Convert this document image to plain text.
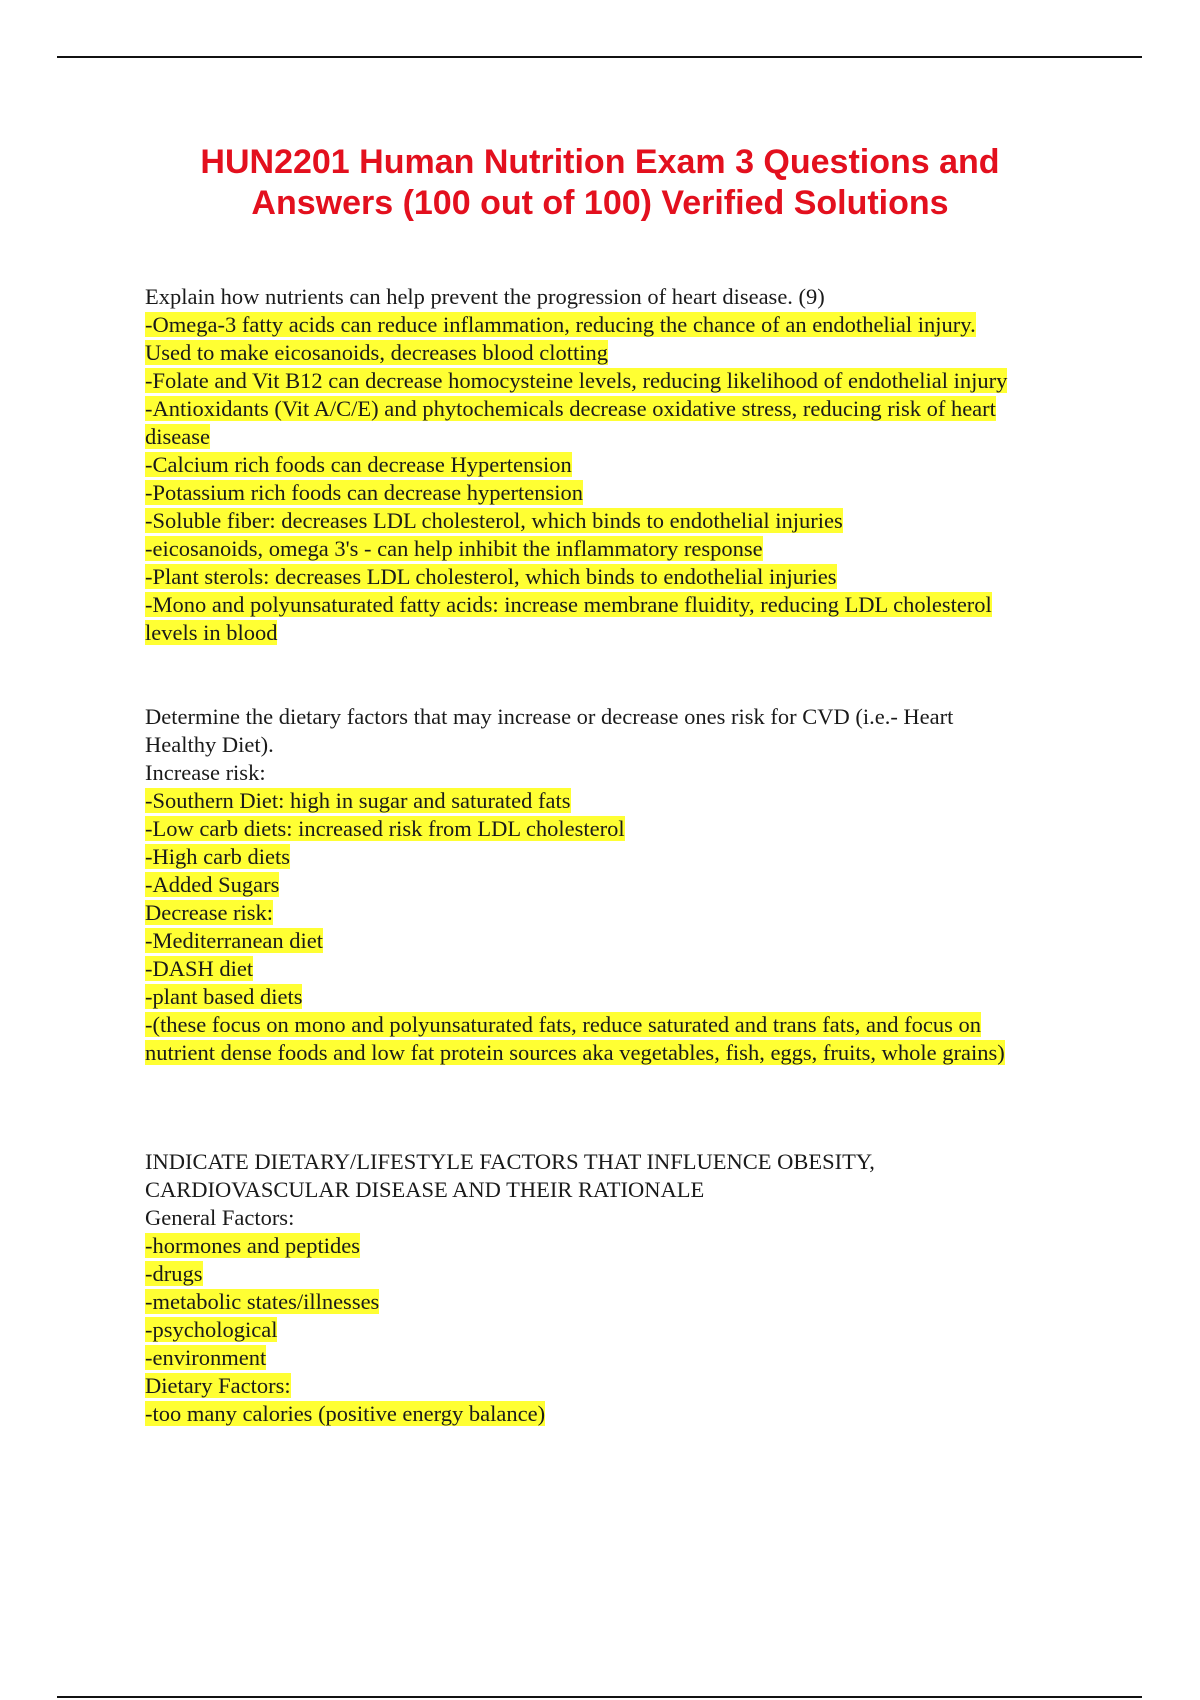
HUN2201 Human Nutrition Exam 3 Questions and
Answers (100 out of 100) Verified Solutions
Explain how nutrients can help prevent the progression of heart disease. (9)
-Omega-3 fatty acids can reduce inflammation, reducing the chance of an endothelial injury.
Used to make eicosanoids, decreases blood clotting
-Folate and Vit B12 can decrease homocysteine levels, reducing likelihood of endothelial injury
-Antioxidants (Vit A/C/E) and phytochemicals decrease oxidative stress, reducing risk of heart
disease
-Calcium rich foods can decrease Hypertension
-Potassium rich foods can decrease hypertension
-Soluble fiber: decreases LDL cholesterol, which binds to endothelial injuries
-eicosanoids, omega 3's - can help inhibit the inflammatory response
-Plant sterols: decreases LDL cholesterol, which binds to endothelial injuries
-Mono and polyunsaturated fatty acids: increase membrane fluidity, reducing LDL cholesterol
levels in blood
Determine the dietary factors that may increase or decrease ones risk for CVD (i.e.- Heart
Healthy Diet).
Increase risk:
-Southern Diet: high in sugar and saturated fats
-Low carb diets: increased risk from LDL cholesterol
-High carb diets
-Added Sugars
Decrease risk:
-Mediterranean diet
-DASH diet
-plant based diets
-(these focus on mono and polyunsaturated fats, reduce saturated and trans fats, and focus on
nutrient dense foods and low fat protein sources aka vegetables, fish, eggs, fruits, whole grains)
INDICATE DIETARY/LIFESTYLE FACTORS THAT INFLUENCE OBESITY,
CARDIOVASCULAR DISEASE AND THEIR RATIONALE
General Factors:
-hormones and peptides
-drugs
-metabolic states/illnesses
-psychological
-environment
Dietary Factors:
-too many calories (positive energy balance)
